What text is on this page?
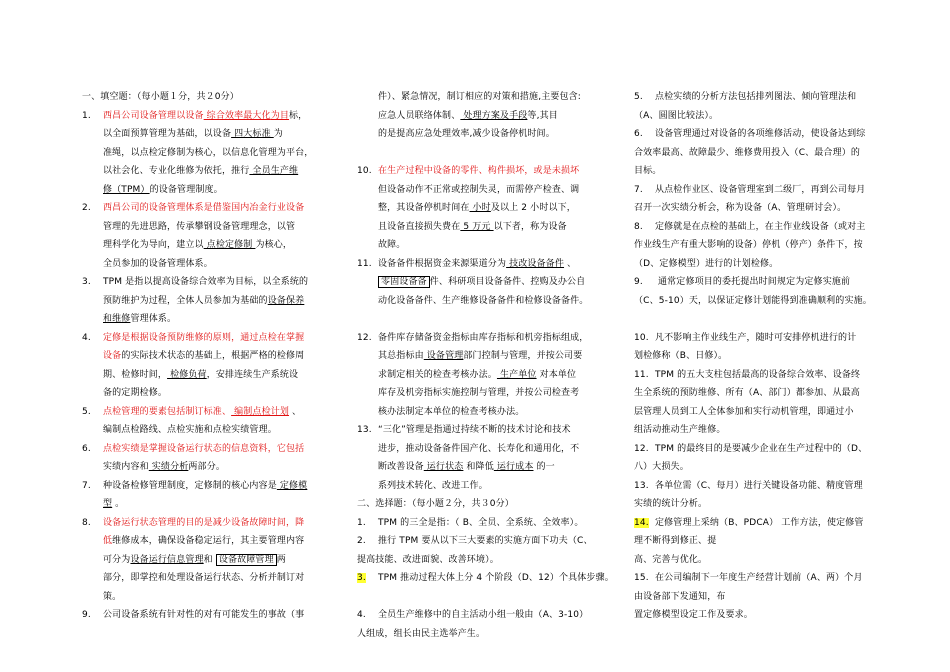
一、填空题：（每小题１分，共２0分）
1. 西昌公司设备管理以设备 综合效率最大化为目标，
以全面预算管理为基础，以设备 四大标准 为
准绳，以点检定修制为核心，以信息化管理为平台，
以社会化、专业化维修为依托，推行 全员生产维
修（TPM）的设备管理制度。
2. 西昌公司的设备管理体系是借鉴国内冶金行业设备
管理的先进思路，传承攀钢设备管理理念，以管
理科学化为导向，建立以 点检定修制 为核心，
全员参加的设备管理体系。
3. TPM 是指以提高设备综合效率为目标，以全系统的
预防维护为过程，全体人员参加为基础的设备保养
和维修管理体系。
4. 定修是根据设备预防维修的原则，通过点检在掌握
设备的实际技术状态的基础上，根据严格的检修周
期、检修时间， 检修负荷，安排连续生产系统设
备的定期检修。
5. 点检管理的要素包括制订标准、 编制点检计划 、
编制点检路线、点检实施和点检实绩管理。
6. 点检实绩是掌握设备运行状态的信息资料，它包括
实绩内容和 实绩分析两部分。
7. 种设备检修管理制度，定修制的核心内容是 定修模
型 。
8. 设备运行状态管理的目的是减少设备故障时间，降
低维修成本，确保设备稳定运行，其主要管理内容
可分为设备运行信息管理和 设备故障管理 两
部分，即掌控和处理设备运行状态、分析并制订对
策。
9. 公司设备系统有针对性的对有可能发生的事故（事
件）、紧急情况，制订相应的对策和措施,主要包含:
应急人员联络体制、 处理方案及手段等,其目
的是提高应急处理效率,减少设备停机时间。
10. 在生产过程中设备的零件、构件损坏，或是未损坏
但设备动作不正常或控制失灵，而需停产检查、调
整，其设备停机时间在 小时及以上 2 小时以下，
且设备直接损失费在 5 万元 以下者，称为设备
故障。
11. 设备备件根据资金来源渠道分为 技改设备备件 、
零固设备备 件、科研项目设备备件、控购及办公自
动化设备备件、生产维修设备备件和检修设备备件。
12. 备件库存储备资金指标由库存指标和机旁指标组成，
其总指标由 设备管理部门控制与管理，并按公司要
求制定相关的检查考核办法。 生产单位 对本单位
库存及机旁指标实施控制与管理，并按公司检查考
核办法制定本单位的检查考核办法。
13. “三化”管理是指通过持续不断的技术讨论和技术
进步，推动设备备件国产化、长寿化和通用化，不
断改善设备 运行状态 和降低 运行成本 的一
系列技术转化、改进工作。
二、选择题：（每小题２分，共３0分）
1. TPM 的三全是指：（ B、全员、全系统、全效率）。
2. 推行 TPM 要从以下三大要素的实施方面下功夫（C、
提高技能、改进面貌、改善环境）。
3. TPM 推动过程大体上分 4 个阶段（D、12）个具体步骤。
4. 全员生产维修中的自主活动小组一般由（A、3-10）
人组成，组长由民主选举产生。
5. 点检实绩的分析方法包括排列图法、倾向管理法和
（A、圆图比较法）。
6. 设备管理通过对设备的各项维修活动，使设备达到综
合效率最高、故障最少、维修费用投入（C、最合理）的
目标。
7. 从点检作业区、设备管理室到二级厂，再到公司每月
召开一次实绩分析会，称为设备（A、管理研讨会）。
8. 定修就是在点检的基础上，在主作业线设备（或对主
作业线生产有重大影响的设备）停机（停产）条件下，按
（D、定修模型）进行的计划检修。
9. 通常定修项目的委托提出时间规定为定修实施前
（C、5-10）天，以保证定修计划能得到准确顺利的实施。
10. 凡不影响主作业线生产，随时可安排停机进行的计
划检修称（B、日修）。
11. TPM 的五大支柱包括最高的设备综合效率、设备终
生全系统的预防维修、所有（A、部门）都参加、从最高
层管理人员到工人全体参加和实行动机管理，即通过小
组活动推动生产维修。
12. TPM 的最终目的是要减少企业在生产过程中的（D、
八）大损失。
13. 各单位需（C、每月）进行关键设备功能、精度管理
实绩的统计分析。
14. 定修管理上采纳（B、PDCA） 工作方法，使定修管
理不断得到修正、提
高、完善与优化。
15. 在公司编制下一年度生产经营计划前（A、两）个月
由设备部下发通知，布
置定修模型设定工作及要求。
